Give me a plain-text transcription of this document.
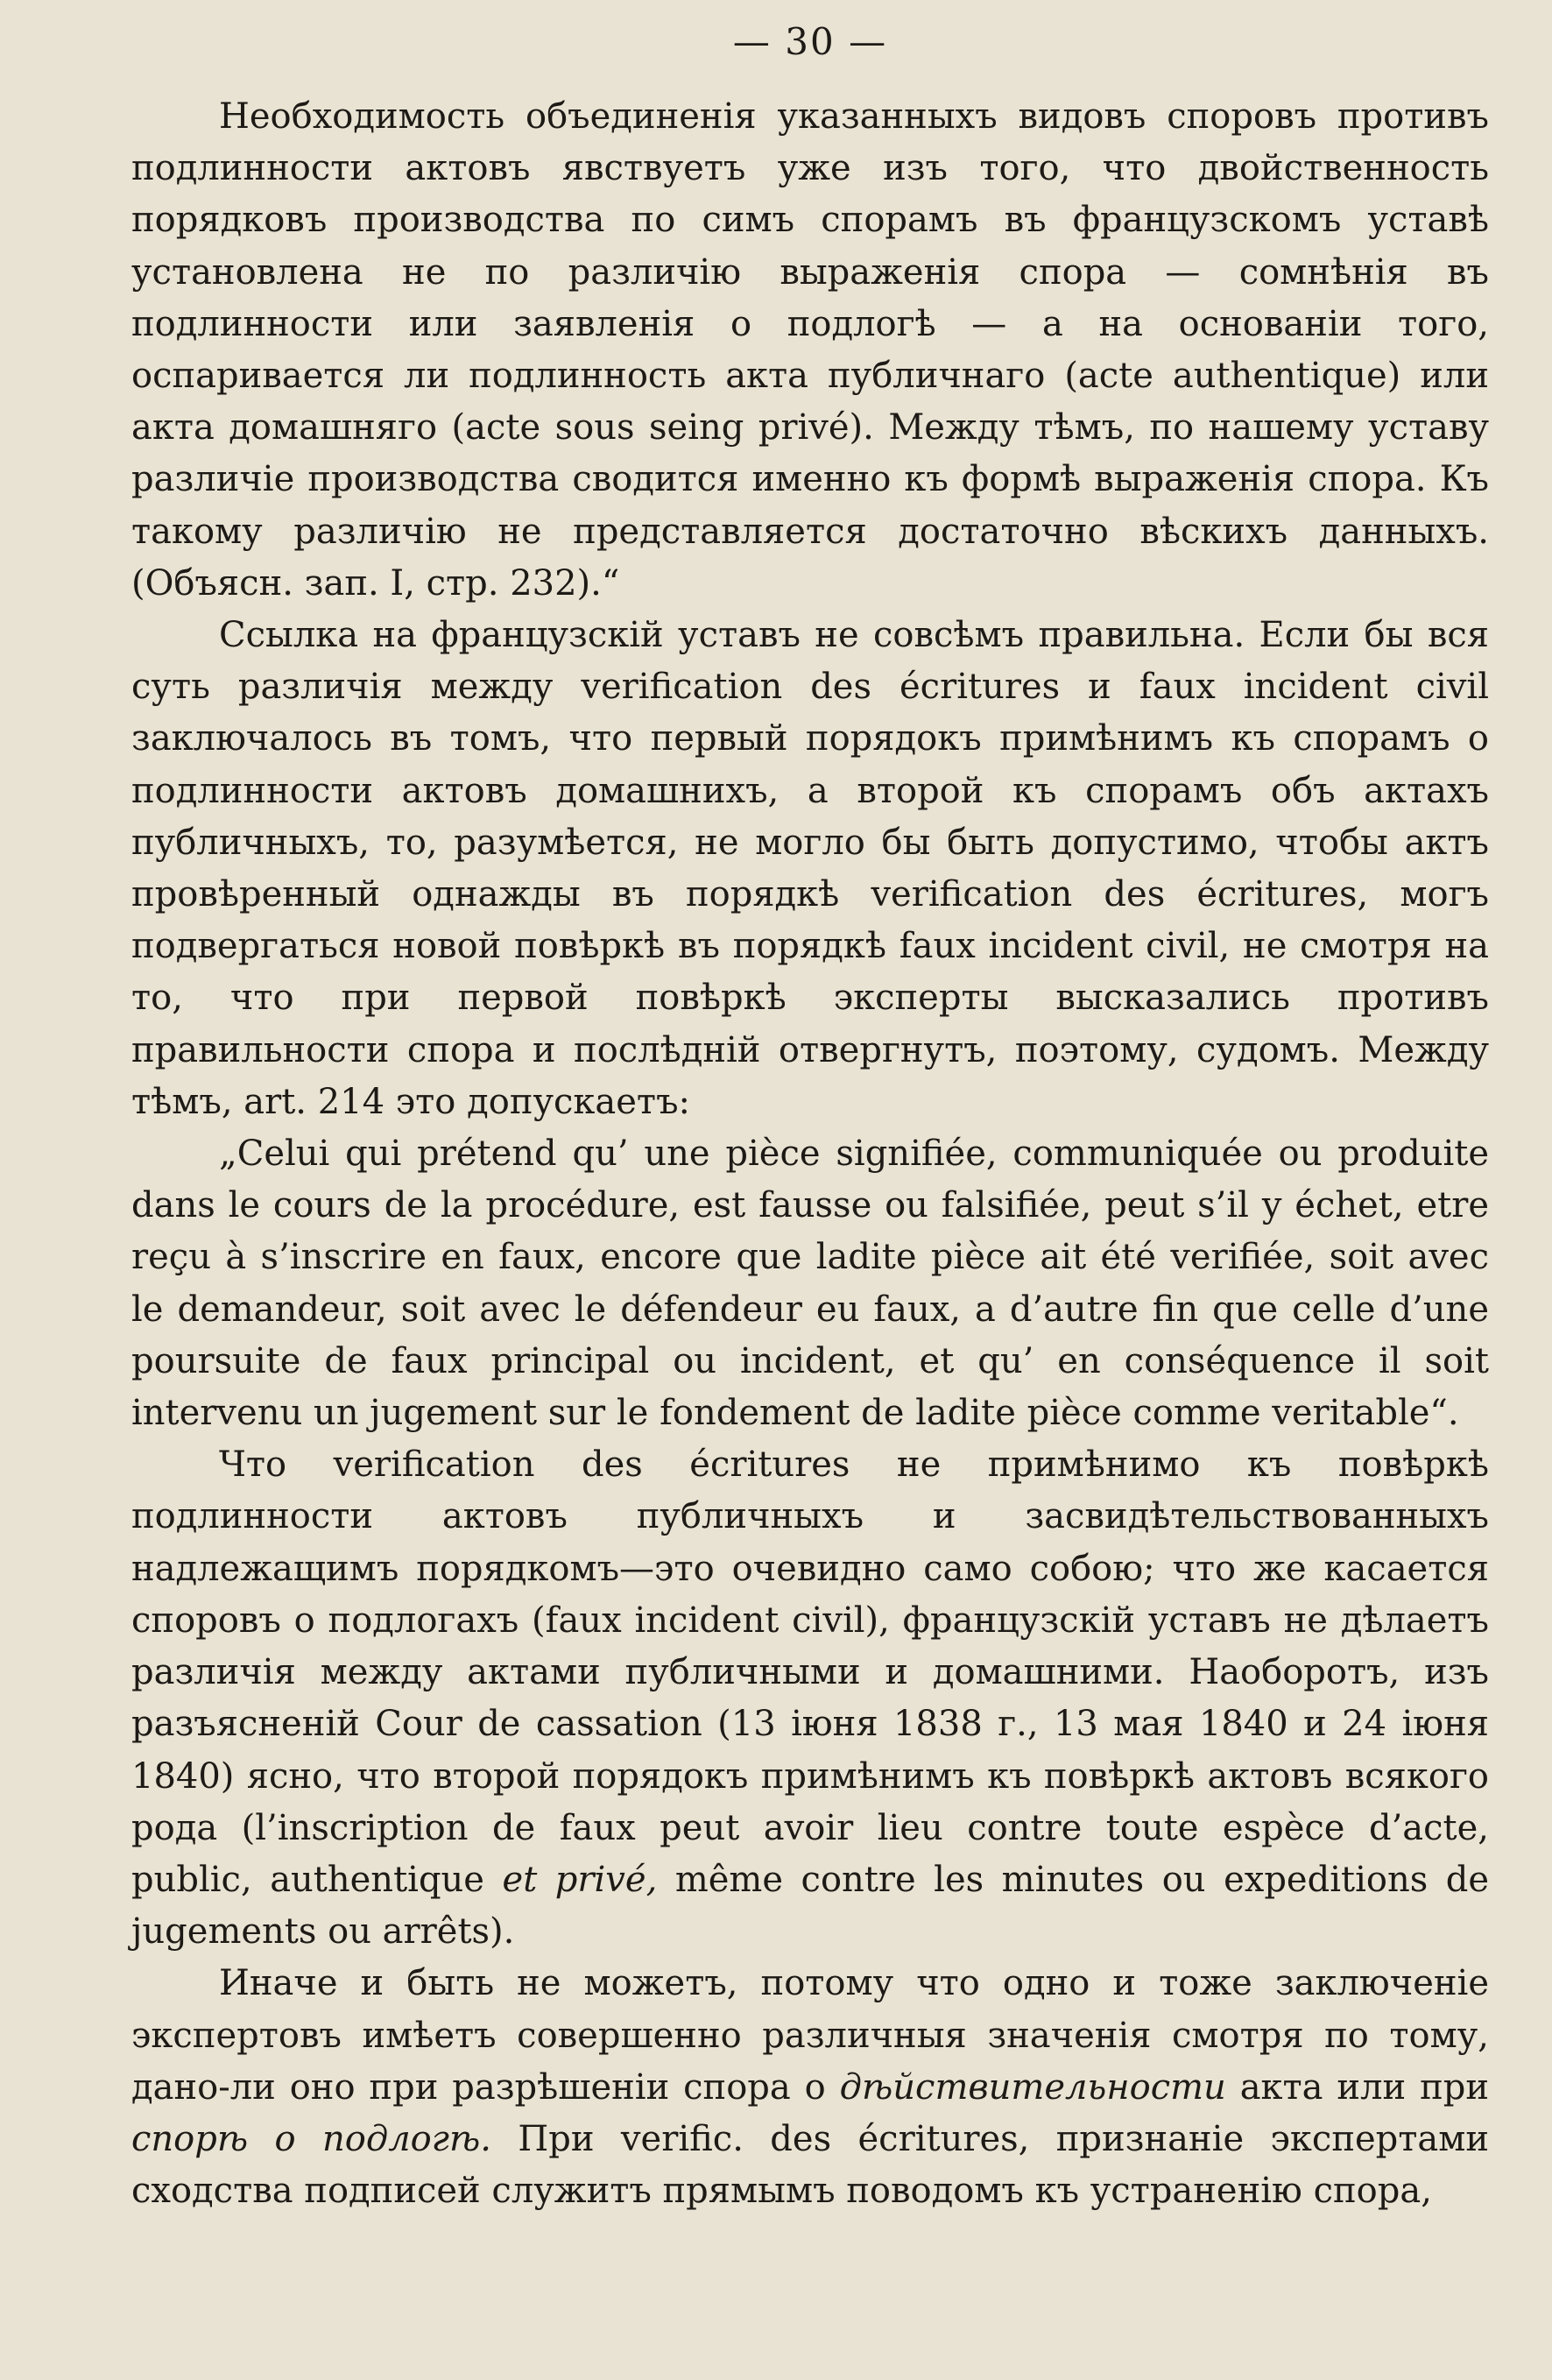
— 30 —

Необходимость объединенія указанныхъ видовъ споровъ противъ подлинности актовъ явствуетъ уже изъ того, что двойственность порядковъ производства по симъ спорамъ въ французскомъ уставѣ установлена не по различію выраженія спора — сомнѣнія въ подлинности или заявленія о подлогѣ — а на основаніи того, оспаривается ли подлинность акта публичнаго (acte authentique) или акта домашняго (acte sous seing privé). Между тѣмъ, по нашему уставу различіе производства сводится именно къ формѣ выраженія спора. Къ такому различію не представляется достаточно вѣскихъ данныхъ. (Объясн. зап. I, стр. 232).“

Ссылка на французскій уставъ не совсѣмъ правильна. Если бы вся суть различія между verification des écritures и faux incident civil заключалось въ томъ, что первый порядокъ примѣнимъ къ спорамъ о подлинности актовъ домашнихъ, а второй къ спорамъ объ актахъ публичныхъ, то, разумѣется, не могло бы быть допустимо, чтобы актъ провѣренный однажды въ порядкѣ verification des écritures, могъ подвергаться новой повѣркѣ въ порядкѣ faux incident civil, не смотря на то, что при первой повѣркѣ эксперты высказались противъ правильности спора и послѣдній отвергнутъ, поэтому, судомъ. Между тѣмъ, art. 214 это допускаетъ:

„Celui qui prétend qu’ une pièce signifiée, communiquée ou produite dans le cours de la procédure, est fausse ou falsifiée, peut s’il y échet, etre reçu à s’inscrire en faux, encore que ladite pièce ait été verifiée, soit avec le demandeur, soit avec le défendeur eu faux, a d’autre fin que celle d’une poursuite de faux principal ou incident, et qu’ en conséquence il soit intervenu un jugement sur le fondement de ladite pièce comme veritable“.

Что verification des écritures не примѣнимо къ повѣркѣ подлинности актовъ публичныхъ и засвидѣтельствованныхъ надлежащимъ порядкомъ—это очевидно само собою; что же касается споровъ о подлогахъ (faux incident civil), французскій уставъ не дѣлаетъ различія между актами публичными и домашними. Наоборотъ, изъ разъясненій Cour de cassation (13 іюня 1838 г., 13 мая 1840 и 24 іюня 1840) ясно, что второй порядокъ примѣнимъ къ повѣркѣ актовъ всякого рода (l’inscription de faux peut avoir lieu contre toute espèce d’acte, public, authentique et privé, même contre les minutes ou expeditions de jugements ou arrêts).

Иначе и быть не можетъ, потому что одно и тоже заключеніе экспертовъ имѣетъ совершенно различныя значенія смотря по тому, дано-ли оно при разрѣшеніи спора о дѣйствительности акта или при спорѣ о подлогѣ. При verific. des écritures, признаніе экспертами сходства подписей служитъ прямымъ поводомъ къ устраненію спора,
